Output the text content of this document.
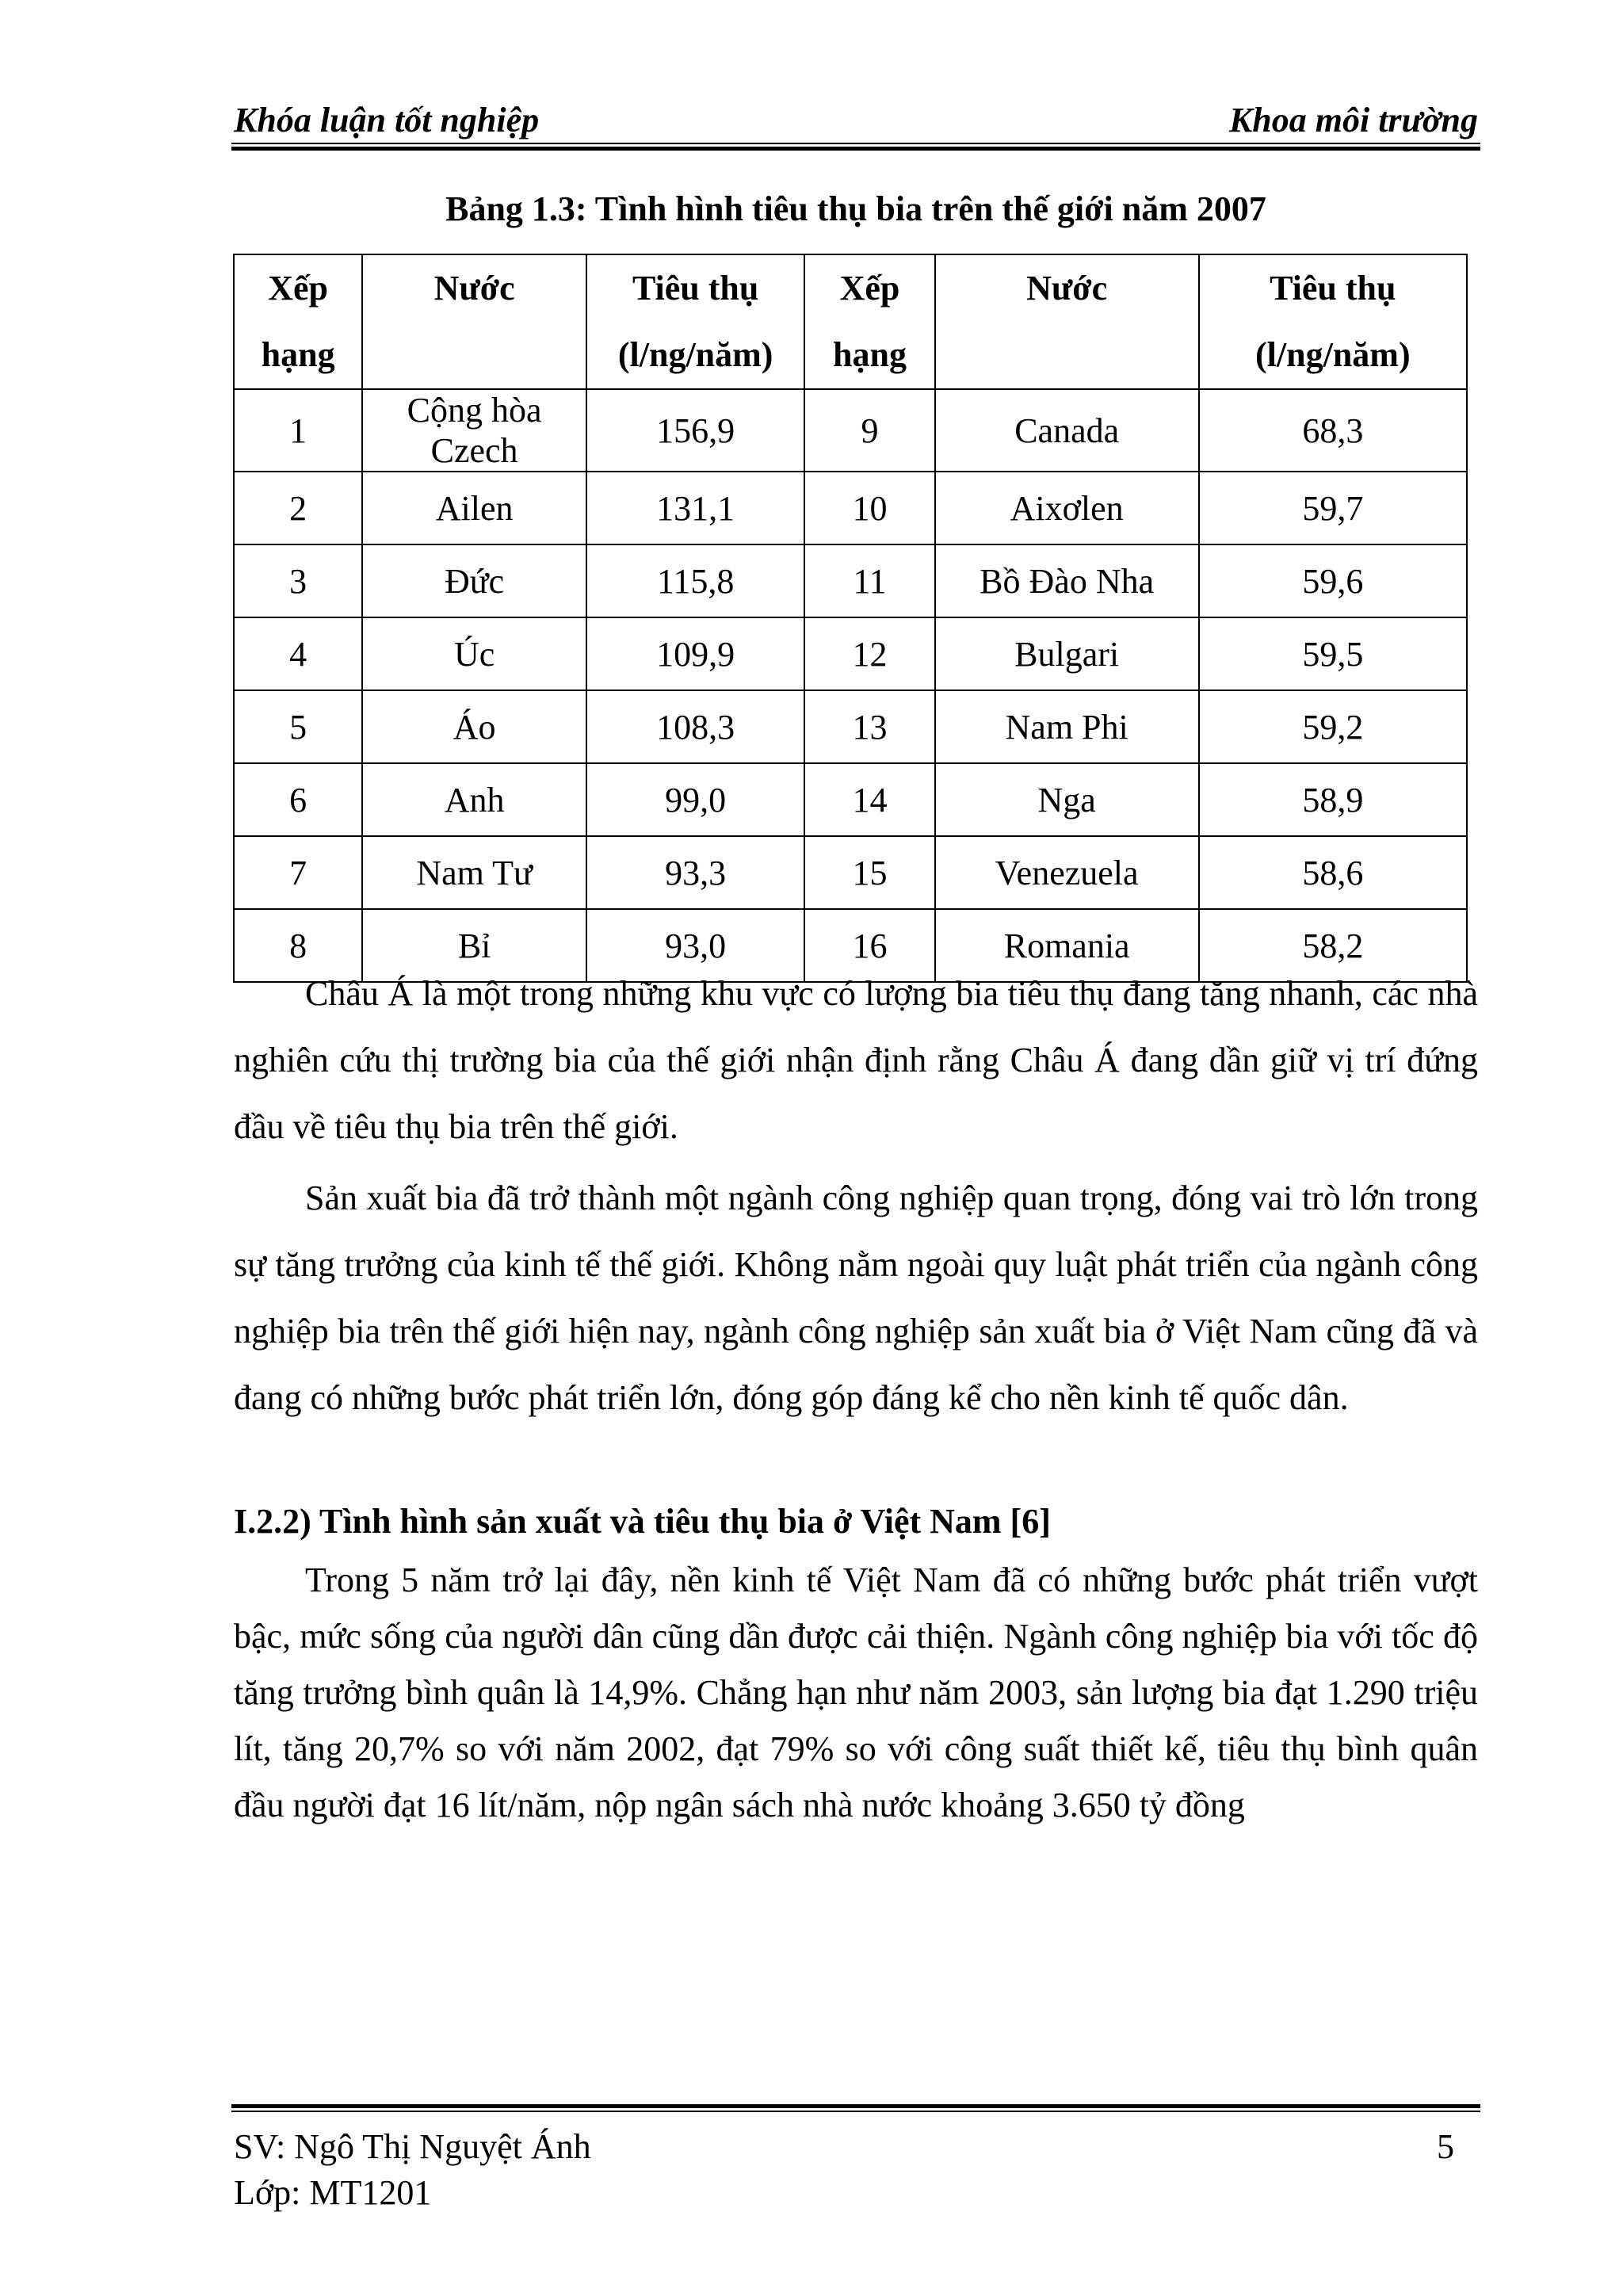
Khóa luận tốt nghiệp	Khoa môi trường
Bảng 1.3: Tình hình tiêu thụ bia trên thế giới năm 2007
Xếp hạng	Nước	Tiêu thụ (l/ng/năm)	Xếp hạng	Nước	Tiêu thụ (l/ng/năm)
1	Cộng hòa Czech	156,9	9	Canada	68,3
2	Ailen	131,1	10	Aixơlen	59,7
3	Đức	115,8	11	Bồ Đào Nha	59,6
4	Úc	109,9	12	Bulgari	59,5
5	Áo	108,3	13	Nam Phi	59,2
6	Anh	99,0	14	Nga	58,9
7	Nam Tư	93,3	15	Venezuela	58,6
8	Bỉ	93,0	16	Romania	58,2

Châu Á là một trong những khu vực có lượng bia tiêu thụ đang tăng nhanh, các nhà nghiên cứu thị trường bia của thế giới nhận định rằng Châu Á đang dần giữ vị trí đứng đầu về tiêu thụ bia trên thế giới.

Sản xuất bia đã trở thành một ngành công nghiệp quan trọng, đóng vai trò lớn trong sự tăng trưởng của kinh tế thế giới. Không nằm ngoài quy luật phát triển của ngành công nghiệp bia trên thế giới hiện nay, ngành công nghiệp sản xuất bia ở Việt Nam cũng đã và đang có những bước phát triển lớn, đóng góp đáng kể cho nền kinh tế quốc dân.

I.2.2) Tình hình sản xuất và tiêu thụ bia ở Việt Nam [6]

Trong 5 năm trở lại đây, nền kinh tế Việt Nam đã có những bước phát triển vượt bậc, mức sống của người dân cũng dần được cải thiện. Ngành công nghiệp bia với tốc độ tăng trưởng bình quân là 14,9%. Chẳng hạn như năm 2003, sản lượng bia đạt 1.290 triệu lít, tăng 20,7% so với năm 2002, đạt 79% so với công suất thiết kế, tiêu thụ bình quân đầu người đạt 16 lít/năm, nộp ngân sách nhà nước khoảng 3.650 tỷ đồng

SV: Ngô Thị Nguyệt Ánh
Lớp: MT1201
5
